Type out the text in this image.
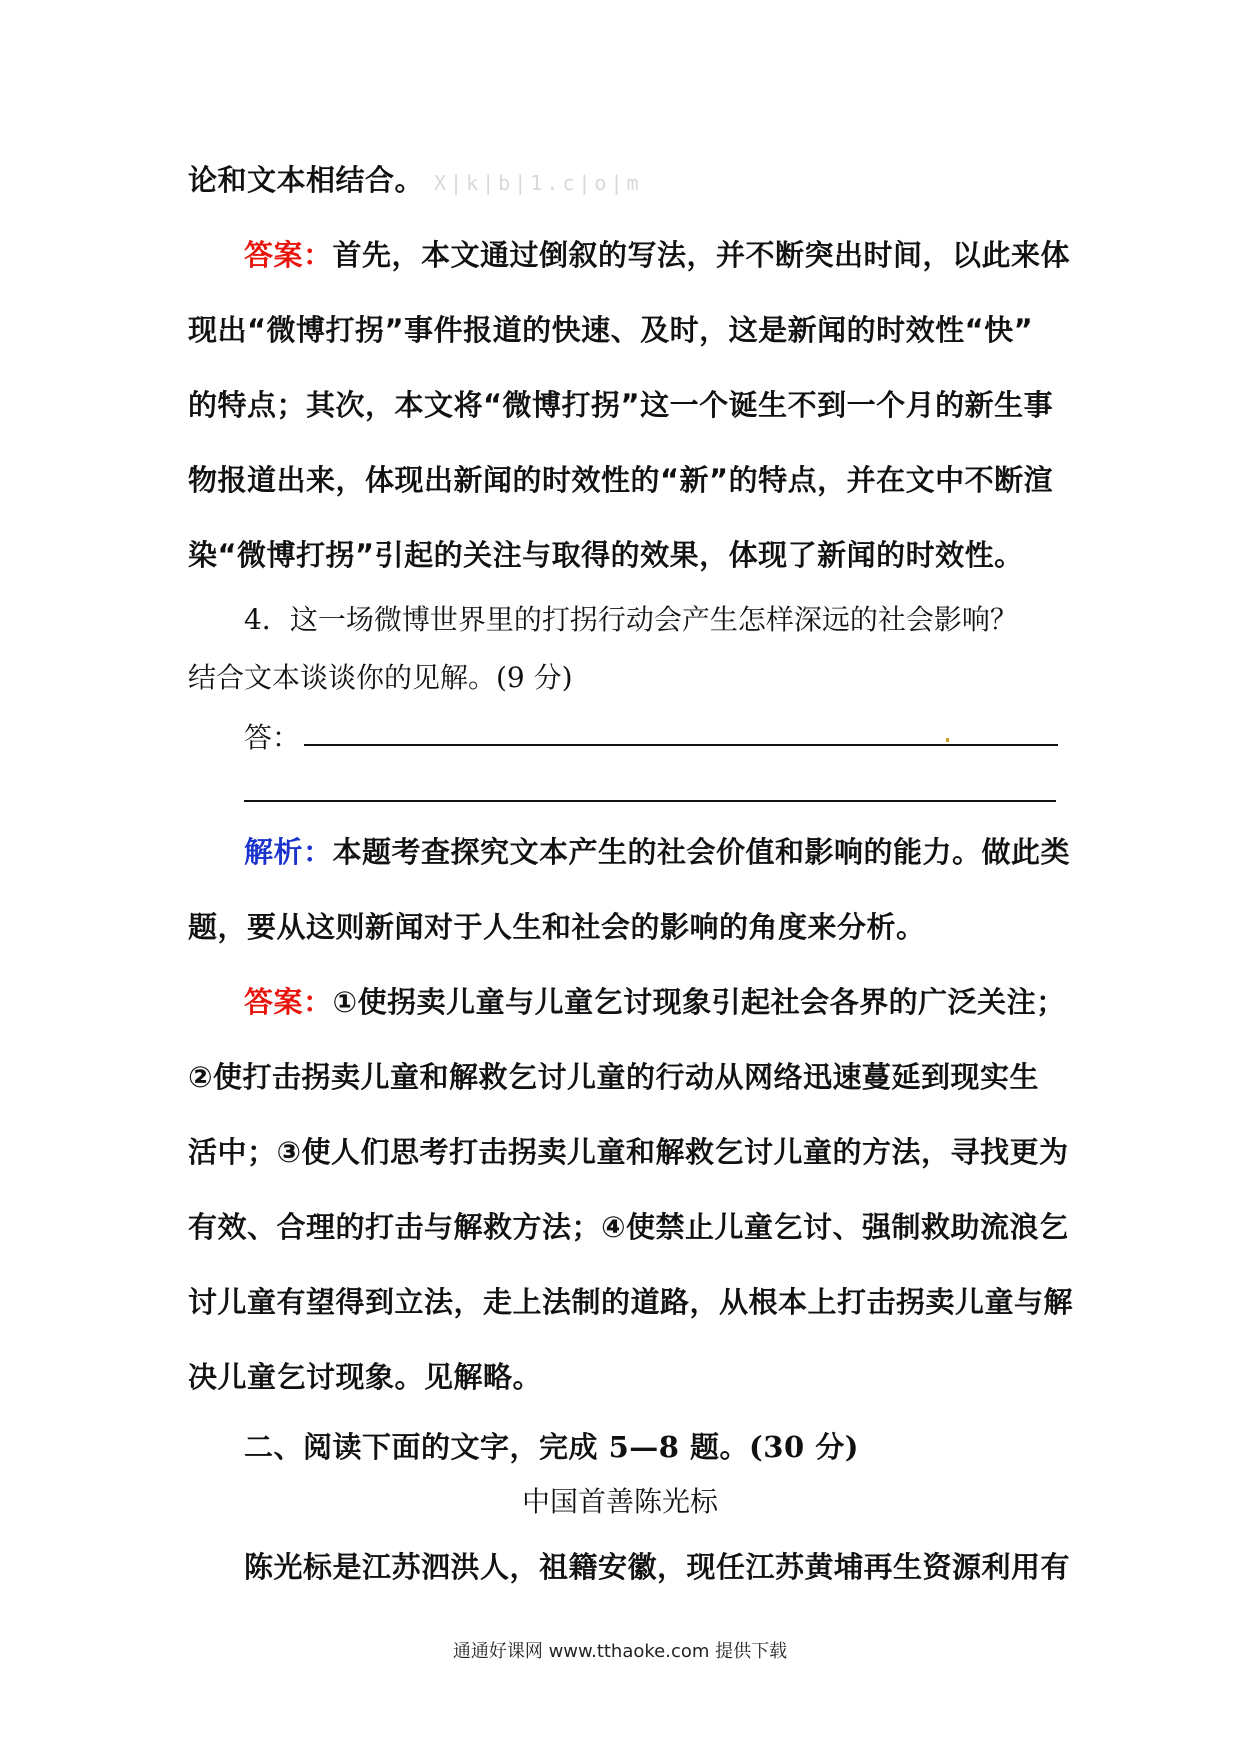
论和文本相结合。 X|k|b|1.c|o|m
答案：首先，本文通过倒叙的写法，并不断突出时间，以此来体
现出“微博打拐”事件报道的快速、及时，这是新闻的时效性“快”
的特点；其次，本文将“微博打拐”这一个诞生不到一个月的新生事
物报道出来，体现出新闻的时效性的“新”的特点，并在文中不断渲
染“微博打拐”引起的关注与取得的效果，体现了新闻的时效性。
4．这一场微博世界里的打拐行动会产生怎样深远的社会影响？
结合文本谈谈你的见解。(9 分)
答：
解析：本题考查探究文本产生的社会价值和影响的能力。做此类
题，要从这则新闻对于人生和社会的影响的角度来分析。
答案：①使拐卖儿童与儿童乞讨现象引起社会各界的广泛关注；
②使打击拐卖儿童和解救乞讨儿童的行动从网络迅速蔓延到现实生
活中；③使人们思考打击拐卖儿童和解救乞讨儿童的方法，寻找更为
有效、合理的打击与解救方法；④使禁止儿童乞讨、强制救助流浪乞
讨儿童有望得到立法，走上法制的道路，从根本上打击拐卖儿童与解
决儿童乞讨现象。见解略。
二、阅读下面的文字，完成 5—8 题。(30 分)
中国首善陈光标
陈光标是江苏泗洪人，祖籍安徽，现任江苏黄埔再生资源利用有
通通好课网 www.tthaoke.com 提供下载
